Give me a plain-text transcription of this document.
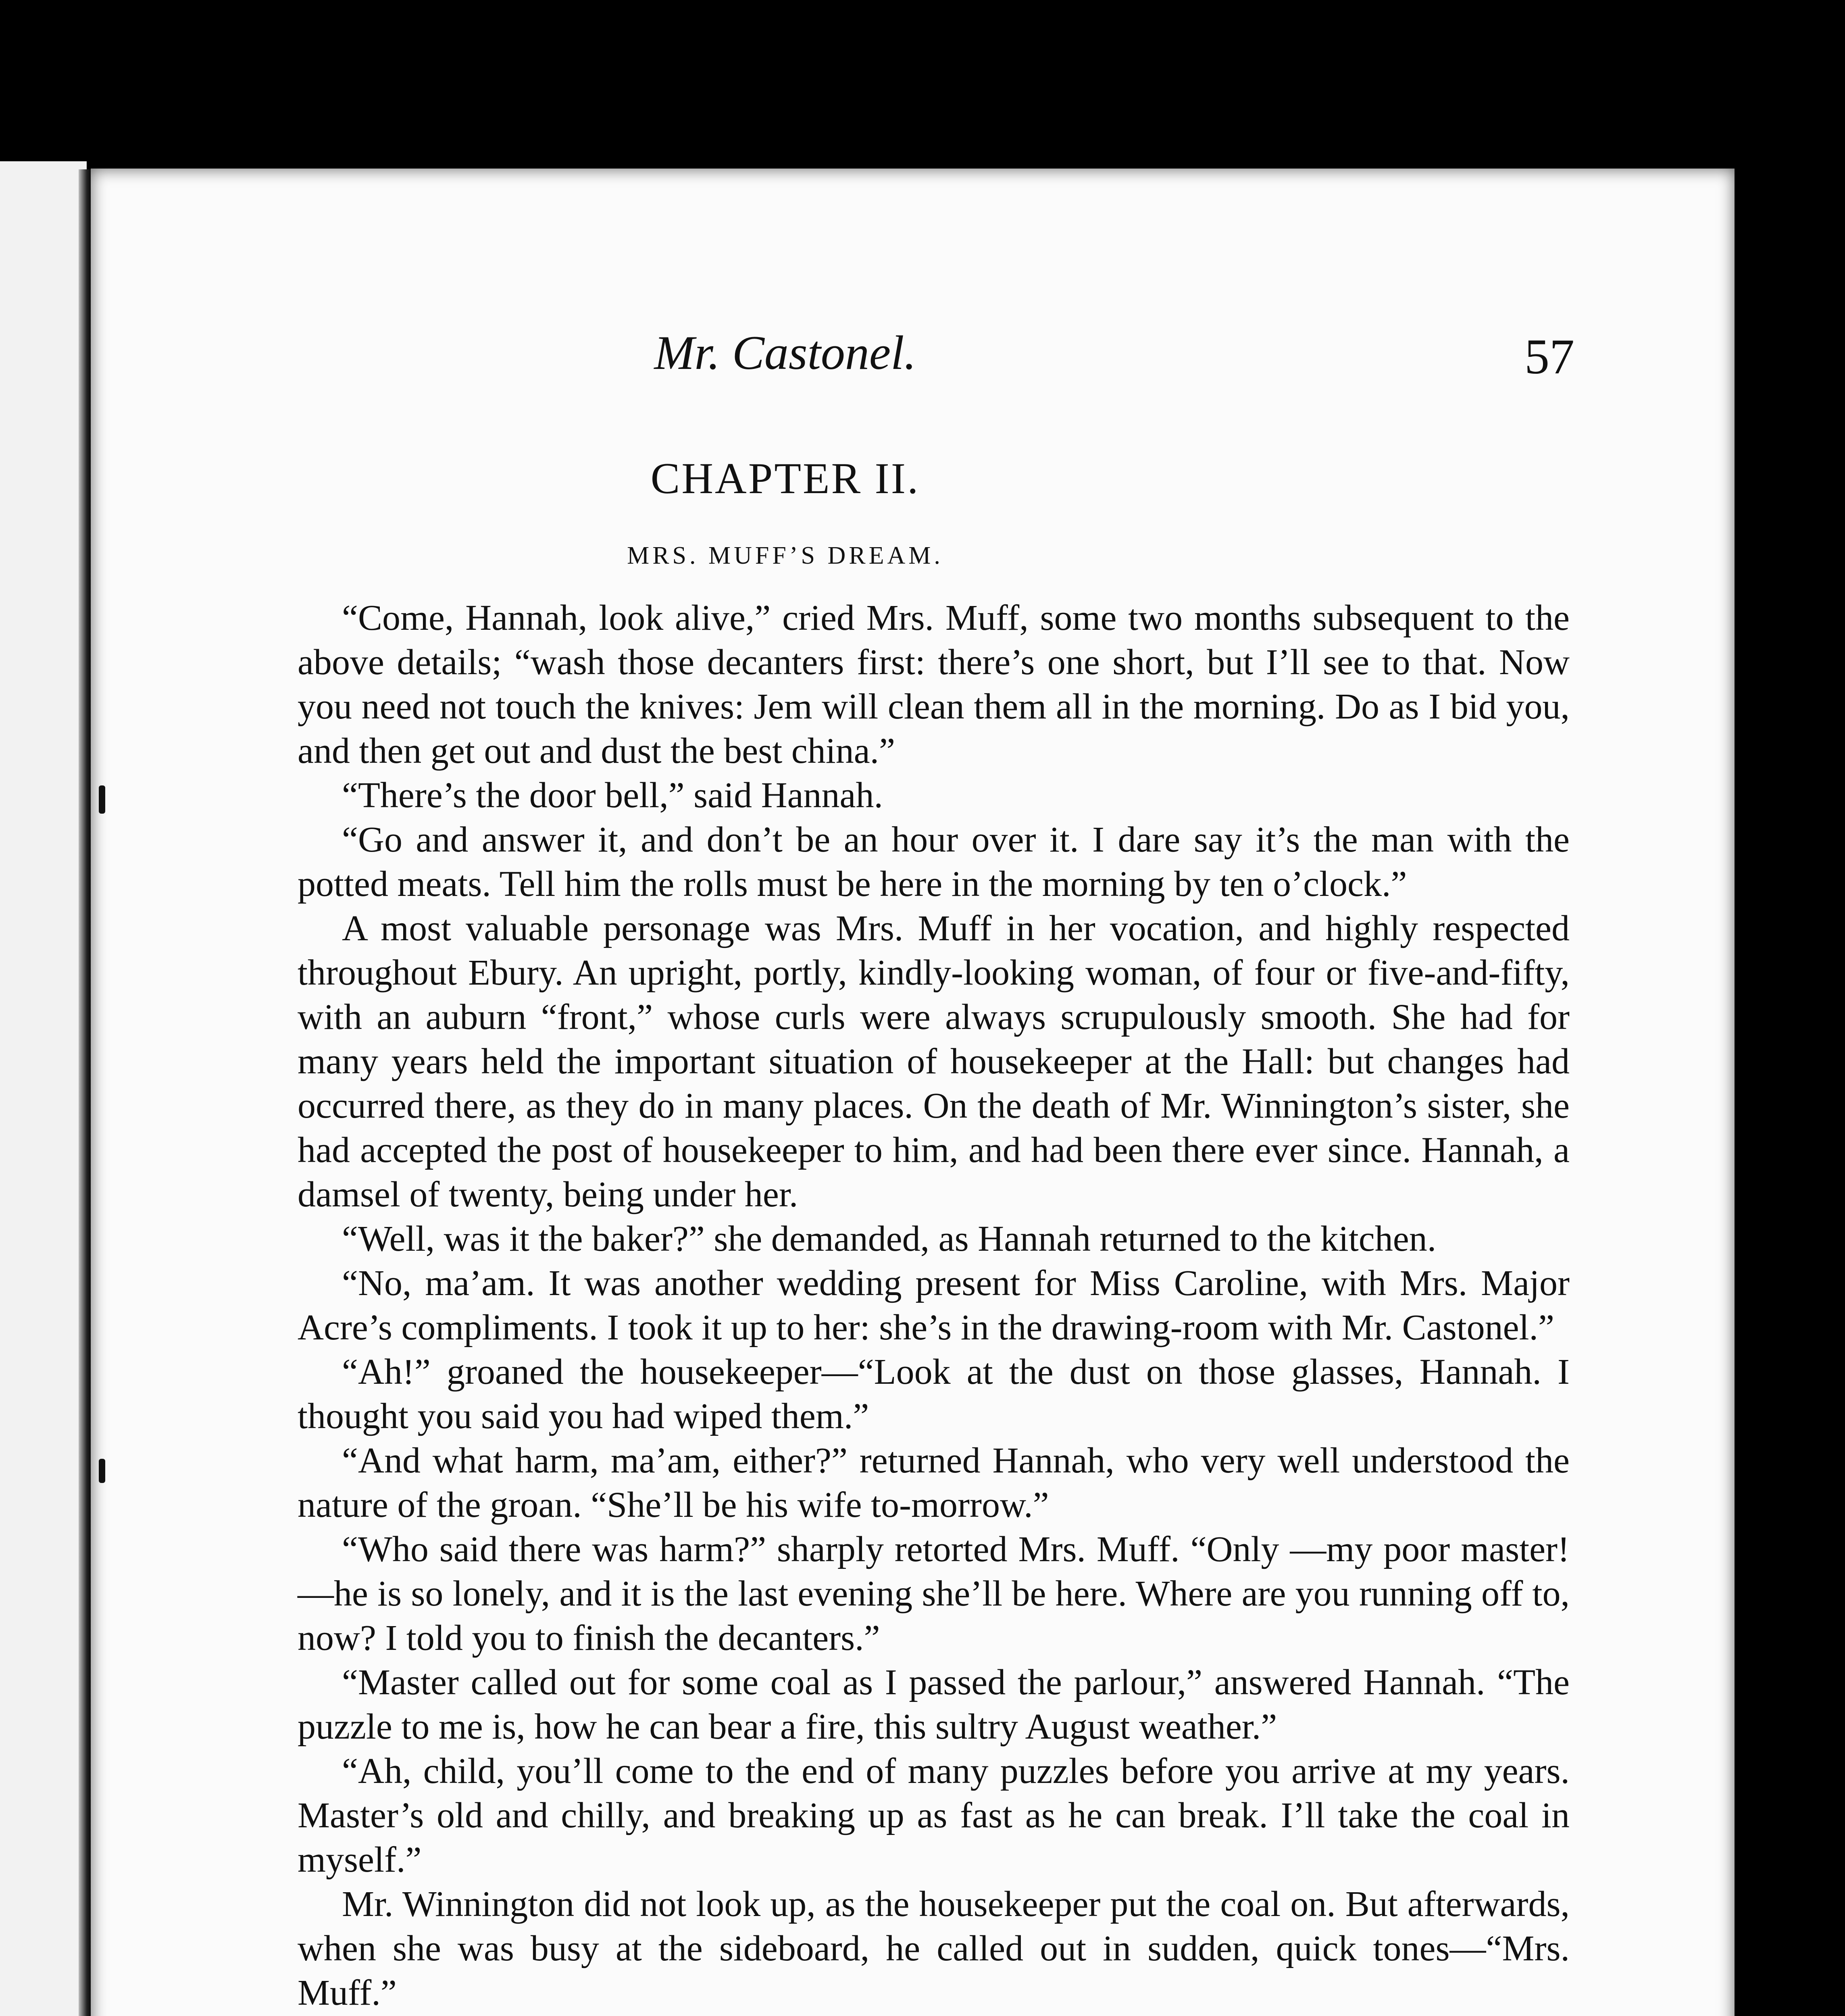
Mr. Castonel.	57
CHAPTER II.
MRS. MUFF’S DREAM.

“Come, Hannah, look alive,” cried Mrs. Muff, some two months subsequent to the above details; “wash those decanters first: there’s one short, but I’ll see to that. Now you need not touch the knives: Jem will clean them all in the morning. Do as I bid you, and then get out and dust the best china.”

“There’s the door bell,” said Hannah.

“Go and answer it, and don’t be an hour over it. I dare say it’s the man with the potted meats. Tell him the rolls must be here in the morning by ten o’clock.”

A most valuable personage was Mrs. Muff in her vocation, and highly respected throughout Ebury. An upright, portly, kindly-looking woman, of four or five-and-fifty, with an auburn “front,” whose curls were always scrupulously smooth. She had for many years held the important situation of housekeeper at the Hall: but changes had occurred there, as they do in many places. On the death of Mr. Winnington’s sister, she had accepted the post of housekeeper to him, and had been there ever since. Hannah, a damsel of twenty, being under her.

“Well, was it the baker?” she demanded, as Hannah returned to the kitchen.

“No, ma’am. It was another wedding present for Miss Caroline, with Mrs. Major Acre’s compliments. I took it up to her: she’s in the drawing-room with Mr. Castonel.”

“Ah!” groaned the housekeeper—“Look at the dust on those glasses, Hannah. I thought you said you had wiped them.”

“And what harm, ma’am, either?” returned Hannah, who very well understood the nature of the groan. “She’ll be his wife to-morrow.”

“Who said there was harm?” sharply retorted Mrs. Muff. “Only —my poor master!—he is so lonely, and it is the last evening she’ll be here. Where are you running off to, now? I told you to finish the decanters.”

“Master called out for some coal as I passed the parlour,” answered Hannah. “The puzzle to me is, how he can bear a fire, this sultry August weather.”

“Ah, child, you’ll come to the end of many puzzles before you arrive at my years. Master’s old and chilly, and breaking up as fast as he can break. I’ll take the coal in myself.”

Mr. Winnington did not look up, as the housekeeper put the coal on. But afterwards, when she was busy at the sideboard, he called out in sudden, quick tones—“Mrs. Muff.”
